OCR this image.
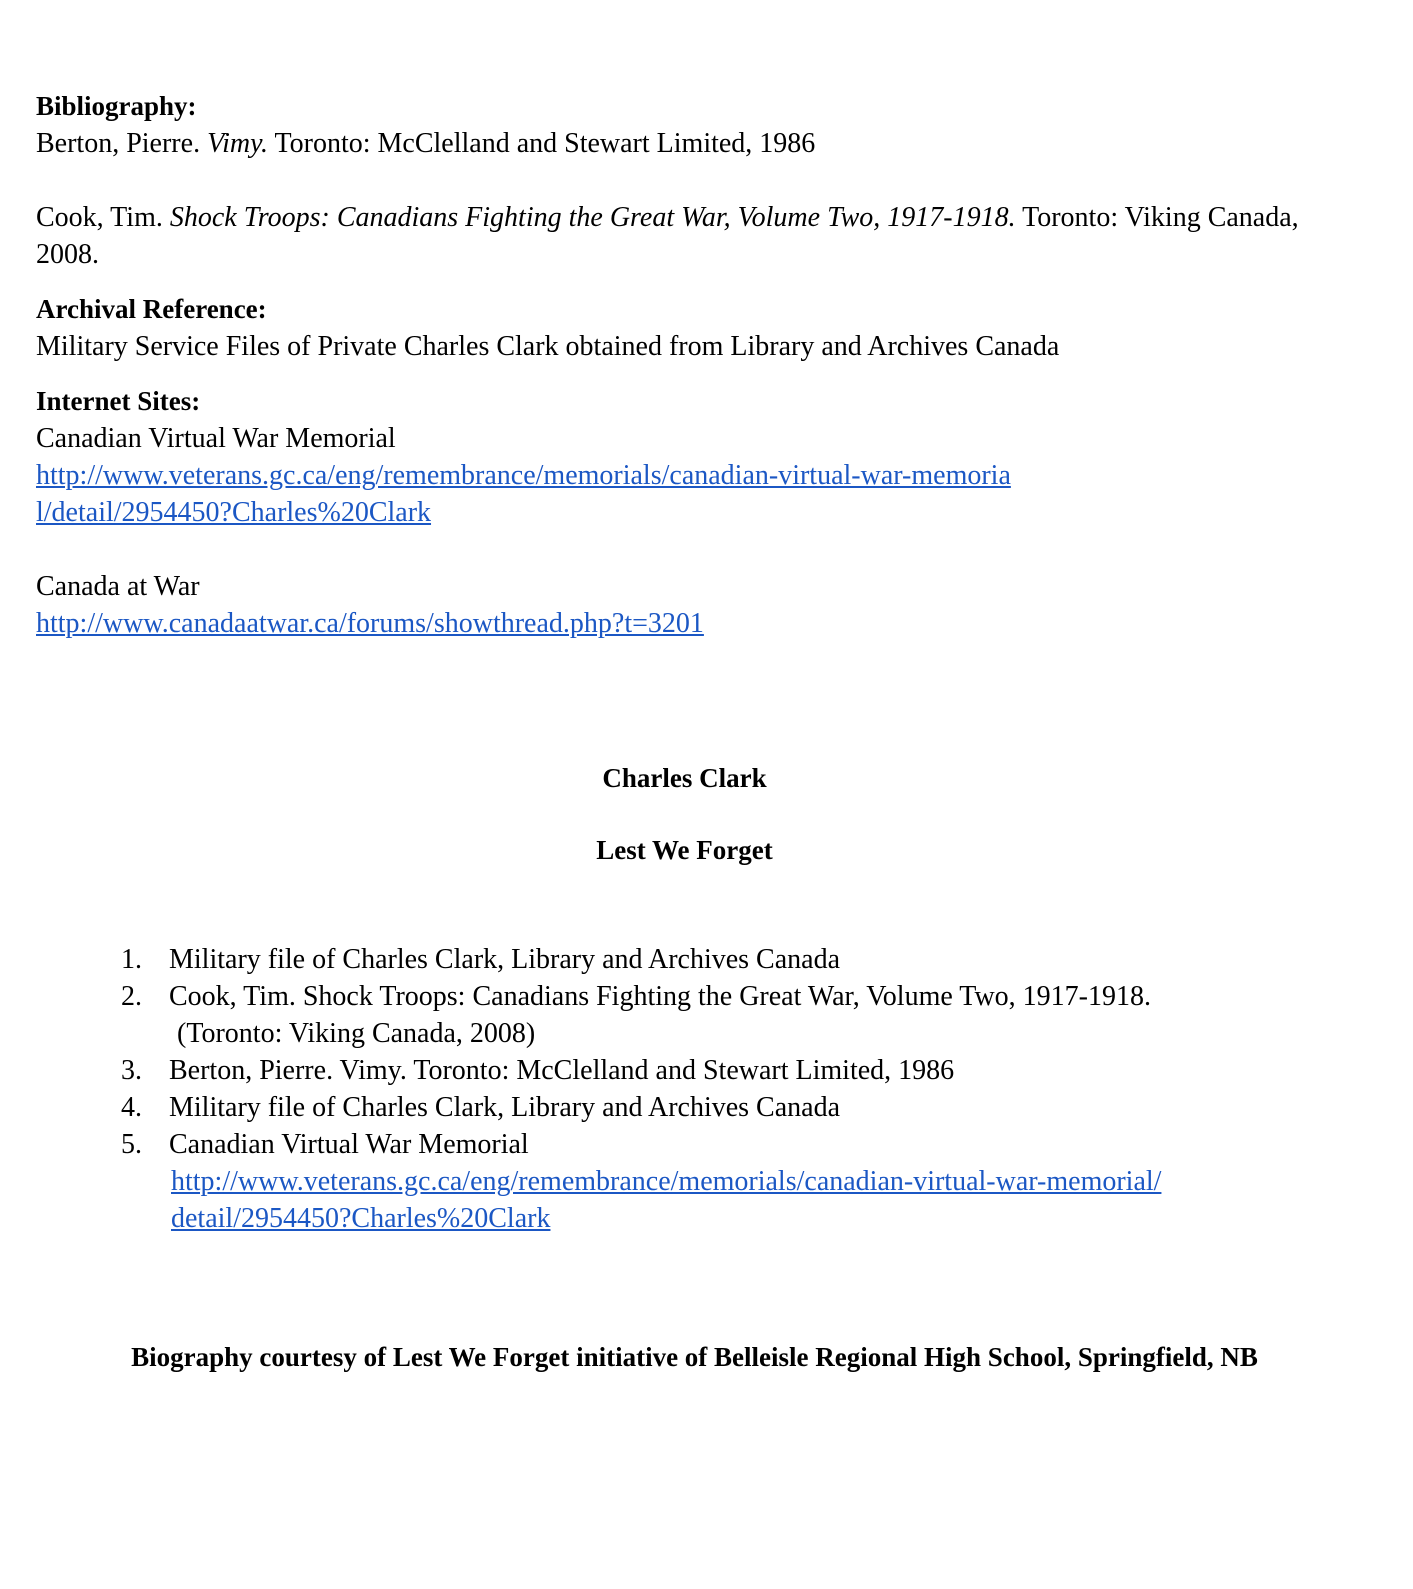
Bibliography:

Berton, Pierre. Vimy. Toronto: McClelland and Stewart Limited, 1986

Cook, Tim. Shock Troops: Canadians Fighting the Great War, Volume Two, 1917-1918. Toronto: Viking Canada, 2008.

Archival Reference:

Military Service Files of Private Charles Clark obtained from Library and Archives Canada

Internet Sites:

Canadian Virtual War Memorial

http://www.veterans.gc.ca/eng/remembrance/memorials/canadian-virtual-war-memorial/detail/2954450?Charles%20Clark

Canada at War

http://www.canadaatwar.ca/forums/showthread.php?t=3201

Charles Clark

Lest We Forget

Military file of Charles Clark, Library and Archives Canada
Cook, Tim. Shock Troops: Canadians Fighting the Great War, Volume Two, 1917-1918.
(Toronto: Viking Canada, 2008)
Berton, Pierre. Vimy. Toronto: McClelland and Stewart Limited, 1986
Military file of Charles Clark, Library and Archives Canada
Canadian Virtual War Memorial
http://www.veterans.gc.ca/eng/remembrance/memorials/canadian-virtual-war-memorial/detail/2954450?Charles%20Clark

Biography courtesy of Lest We Forget initiative of Belleisle Regional High School, Springfield, NB
